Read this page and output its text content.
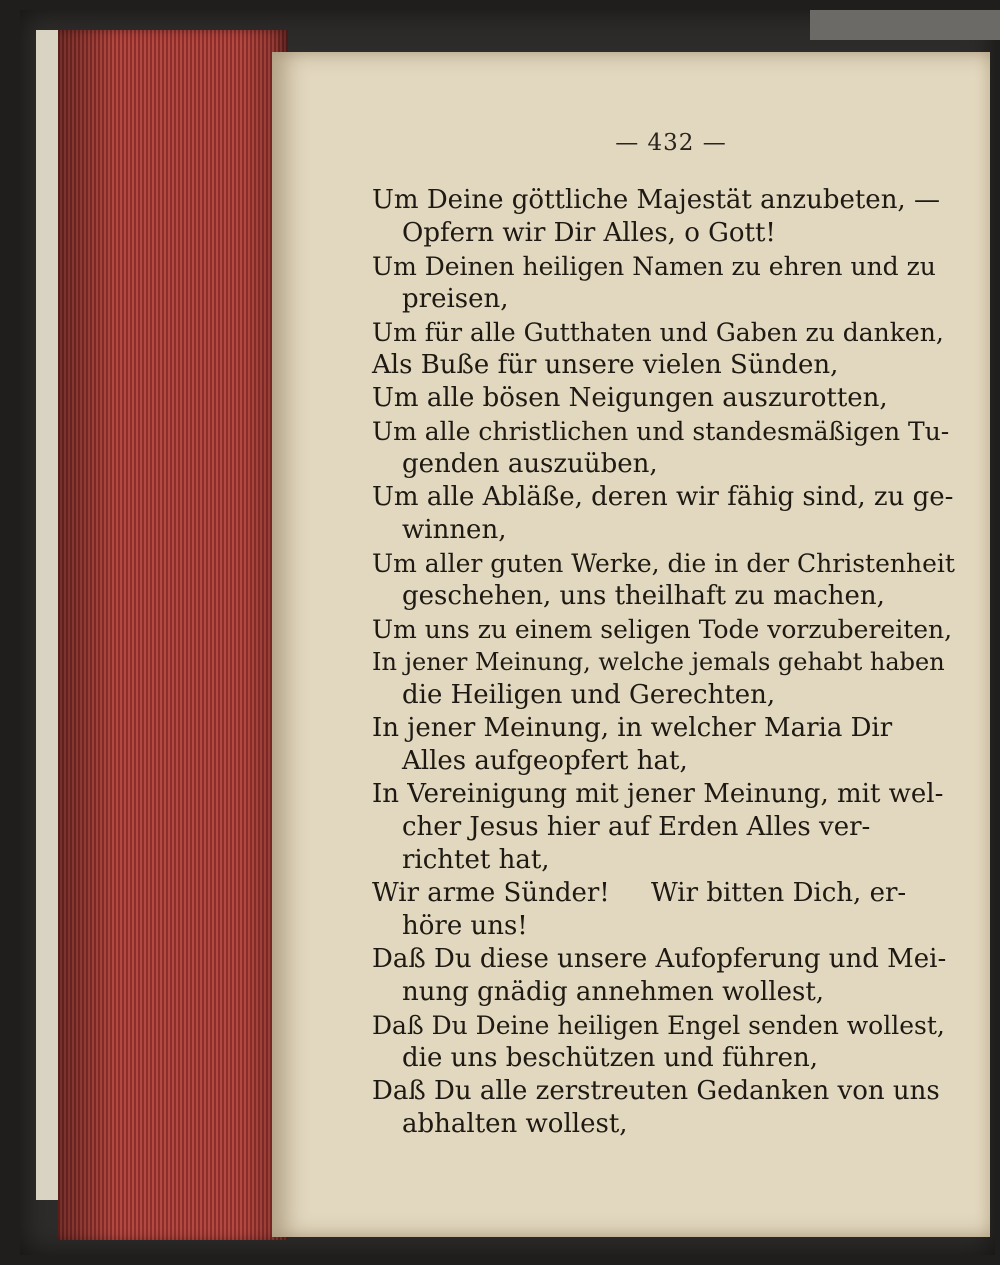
— 432 —
Um Deine göttliche Majestät anzubeten, —
Opfern wir Dir Alles, o Gott!
Um Deinen heiligen Namen zu ehren und zu
preisen,
Um für alle Gutthaten und Gaben zu danken,
Als Buße für unsere vielen Sünden,
Um alle bösen Neigungen auszurotten,
Um alle christlichen und standesmäßigen Tu-
genden auszuüben,
Um alle Abläße, deren wir fähig sind, zu ge-
winnen,
Um aller guten Werke, die in der Christenheit
geschehen, uns theilhaft zu machen,
Um uns zu einem seligen Tode vorzubereiten,
In jener Meinung, welche jemals gehabt haben
die Heiligen und Gerechten,
In jener Meinung, in welcher Maria Dir
Alles aufgeopfert hat,
In Vereinigung mit jener Meinung, mit wel-
cher Jesus hier auf Erden Alles ver-
richtet hat,
Wir arme Sünder!     Wir bitten Dich, er-
höre uns!
Daß Du diese unsere Aufopferung und Mei-
nung gnädig annehmen wollest,
Daß Du Deine heiligen Engel senden wollest,
die uns beschützen und führen,
Daß Du alle zerstreuten Gedanken von uns
abhalten wollest,
